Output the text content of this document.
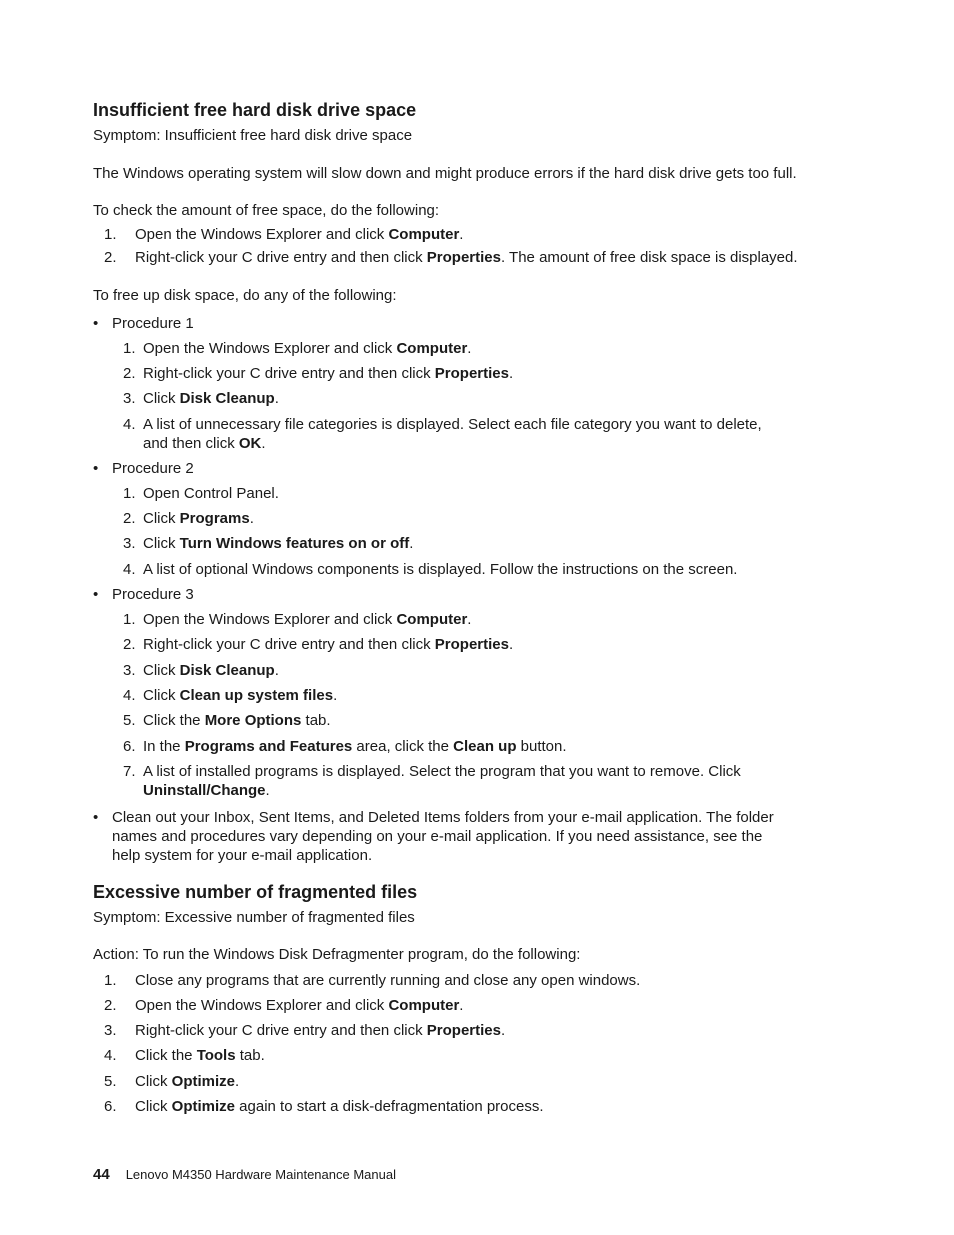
Insufficient free hard disk drive space

Symptom: Insufficient free hard disk drive space

The Windows operating system will slow down and might produce errors if the hard disk drive gets too full.

To check the amount of free space, do the following:

1. Open the Windows Explorer and click Computer.
2. Right-click your C drive entry and then click Properties. The amount of free disk space is displayed.

To free up disk space, do any of the following:

• Procedure 1
1. Open the Windows Explorer and click Computer.
2. Right-click your C drive entry and then click Properties.
3. Click Disk Cleanup.
4. A list of unnecessary file categories is displayed. Select each file category you want to delete,
and then click OK.
• Procedure 2
1. Open Control Panel.
2. Click Programs.
3. Click Turn Windows features on or off.
4. A list of optional Windows components is displayed. Follow the instructions on the screen.
• Procedure 3
1. Open the Windows Explorer and click Computer.
2. Right-click your C drive entry and then click Properties.
3. Click Disk Cleanup.
4. Click Clean up system files.
5. Click the More Options tab.
6. In the Programs and Features area, click the Clean up button.
7. A list of installed programs is displayed. Select the program that you want to remove. Click
Uninstall/Change.
• Clean out your Inbox, Sent Items, and Deleted Items folders from your e-mail application. The folder
names and procedures vary depending on your e-mail application. If you need assistance, see the
help system for your e-mail application.
Excessive number of fragmented files

Symptom: Excessive number of fragmented files

Action: To run the Windows Disk Defragmenter program, do the following:

1. Close any programs that are currently running and close any open windows.
2. Open the Windows Explorer and click Computer.
3. Right-click your C drive entry and then click Properties.
4. Click the Tools tab.
5. Click Optimize.
6. Click Optimize again to start a disk-defragmentation process.
44 Lenovo M4350 Hardware Maintenance Manual
